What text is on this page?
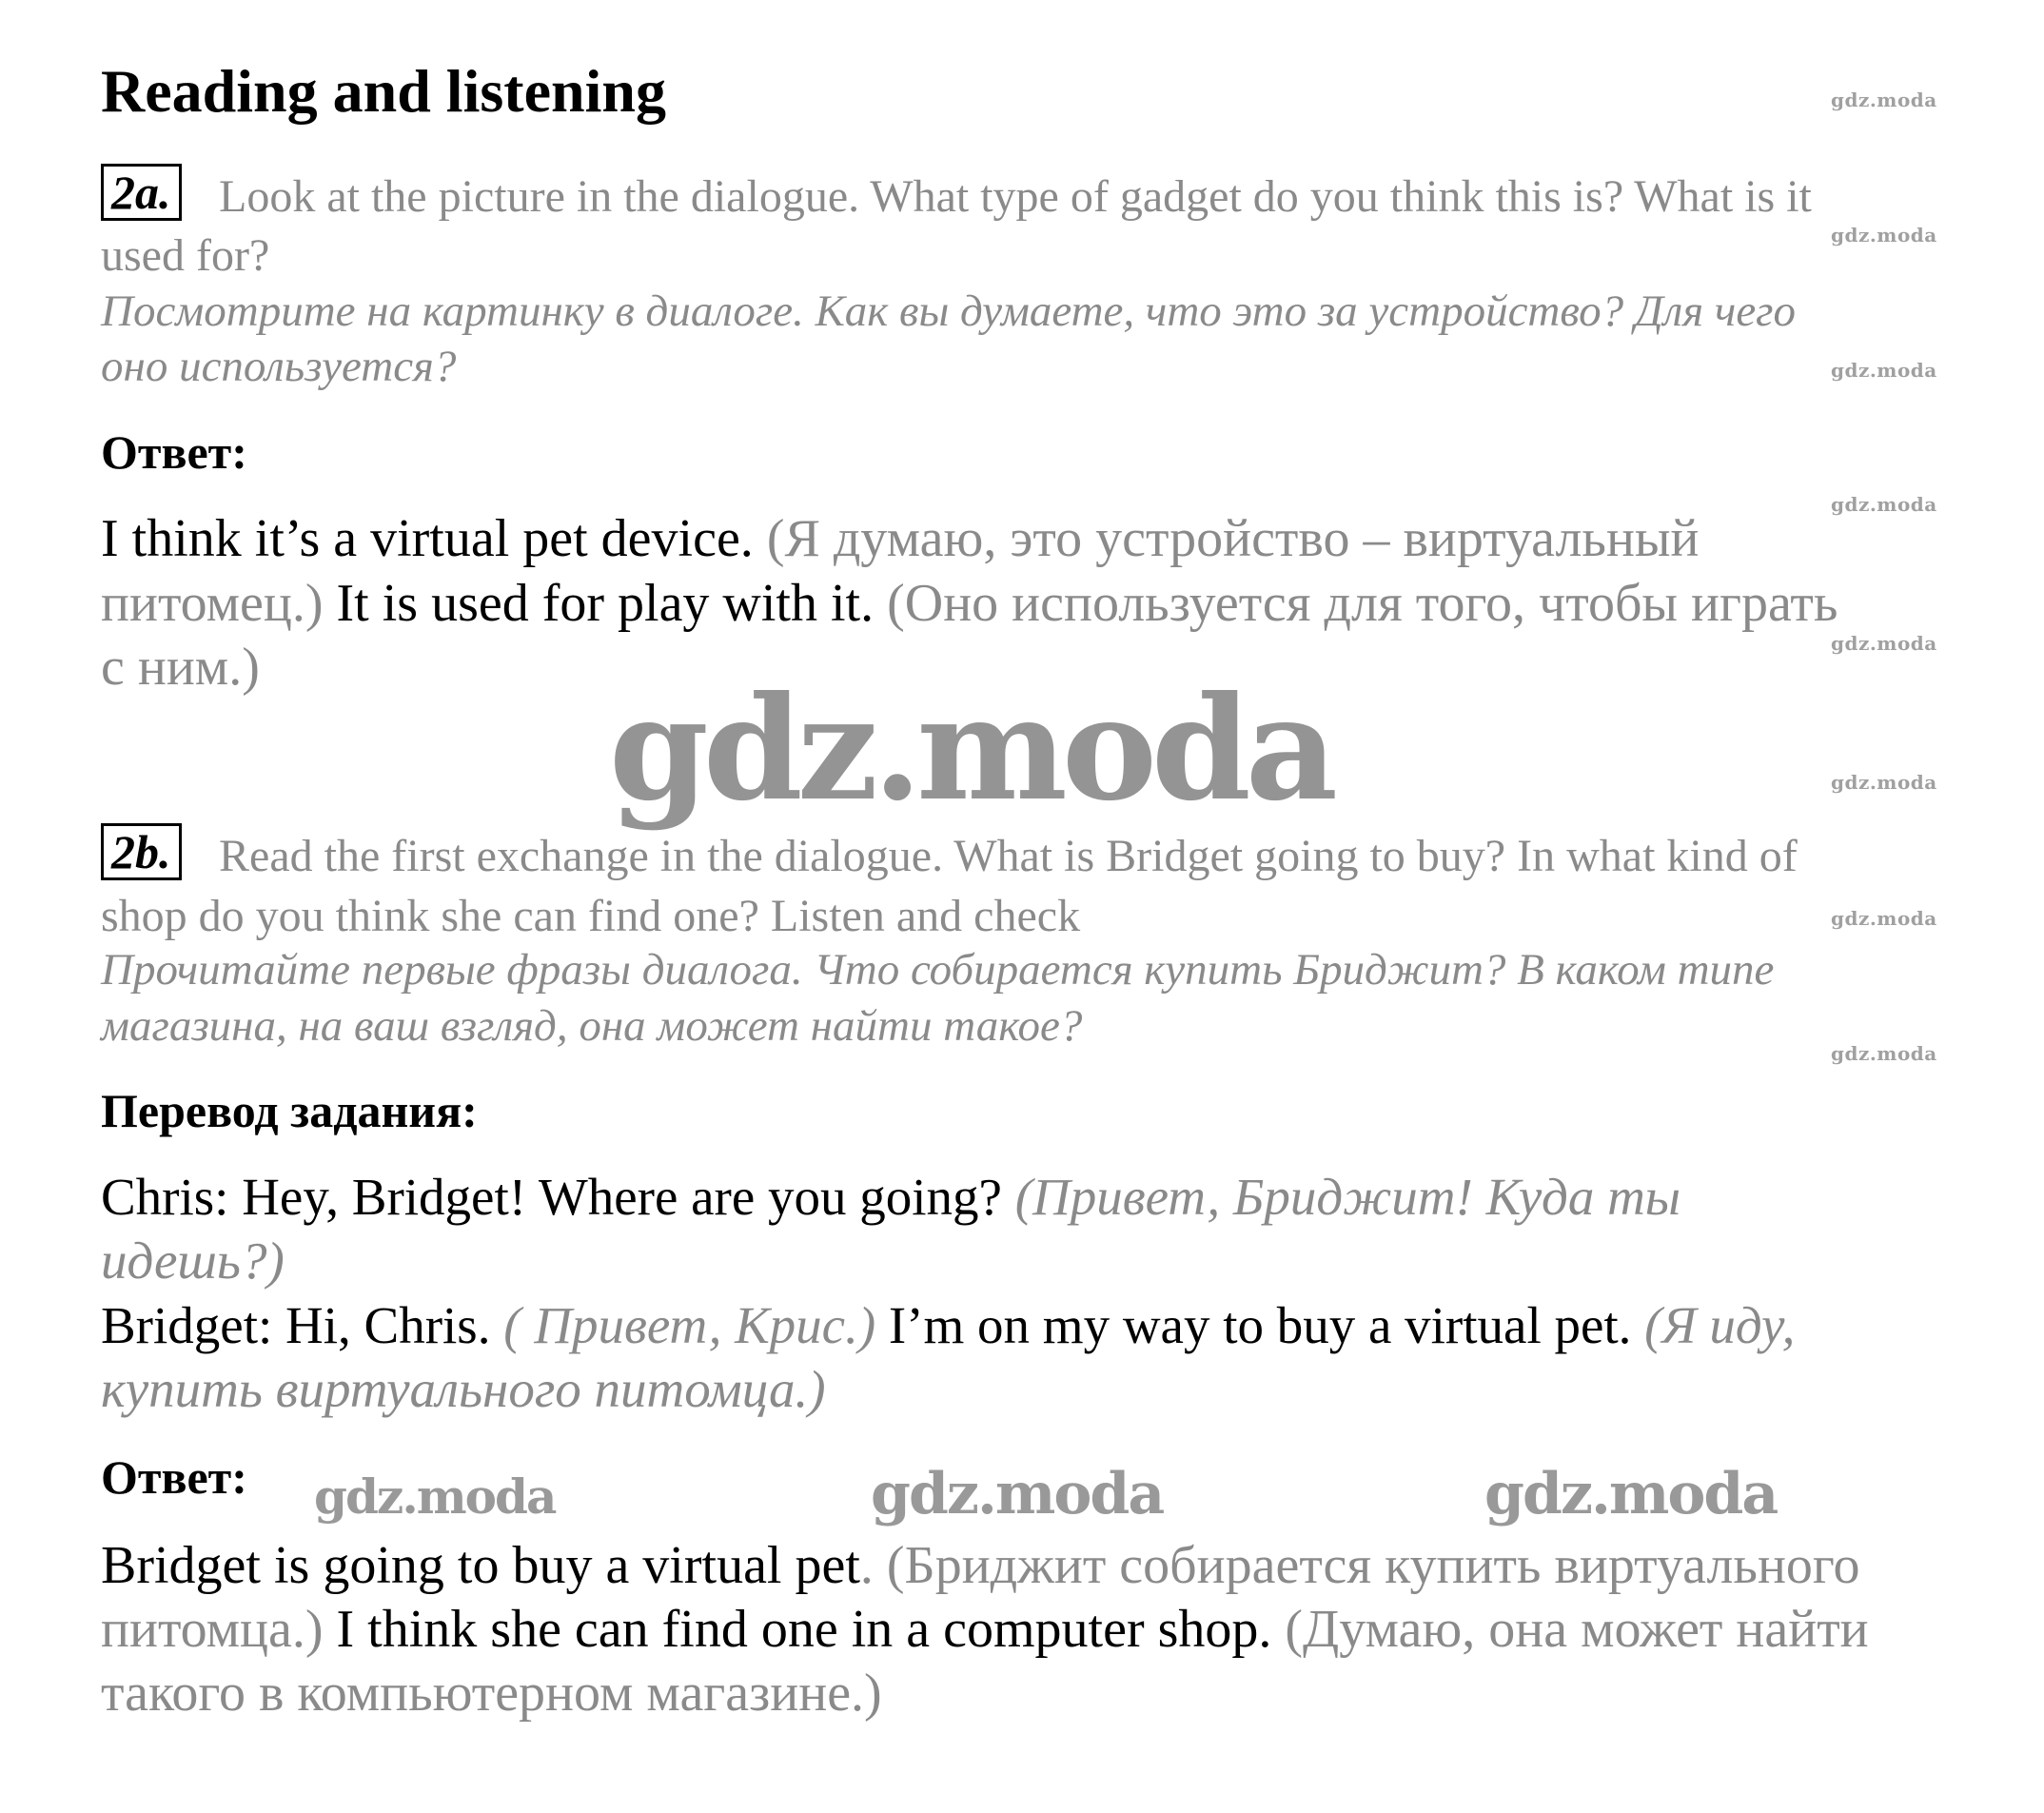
Reading and listening	gdz.moda
gdz.moda
gdz.moda
gdz.moda
gdz.moda
gdz.moda
gdz.moda
gdz.moda
2a. Look at the picture in the dialogue. What type of gadget do you think this is? What is it
used for?
Посмотрите на картинку в диалоге. Как вы думаете, что это за устройство? Для чего
оно используется?
Ответ:
I think it’s a virtual pet device. (Я думаю, это устройство – виртуальный
питомец.) It is used for play with it. (Оно используется для того, чтобы играть
с ним.) gdz.moda
2b. Read the first exchange in the dialogue. What is Bridget going to buy? In what kind of
shop do you think she can find one? Listen and check
Прочитайте первые фразы диалога. Что собирается купить Бриджит? В каком типе
магазина, на ваш взгляд, она может найти такое?
Перевод задания:
Chris: Hey, Bridget! Where are you going? (Привет, Бриджит! Куда ты
идешь?)
Bridget: Hi, Chris. ( Привет, Крис.) I’m on my way to buy a virtual pet. (Я иду,
купить виртуального питомца.)
Ответ: gdz.moda	gdz.moda	gdz.moda
Bridget is going to buy a virtual pet. (Бриджит собирается купить виртуального
питомца.) I think she can find one in a computer shop. (Думаю, она может найти
такого в компьютерном магазине.)
